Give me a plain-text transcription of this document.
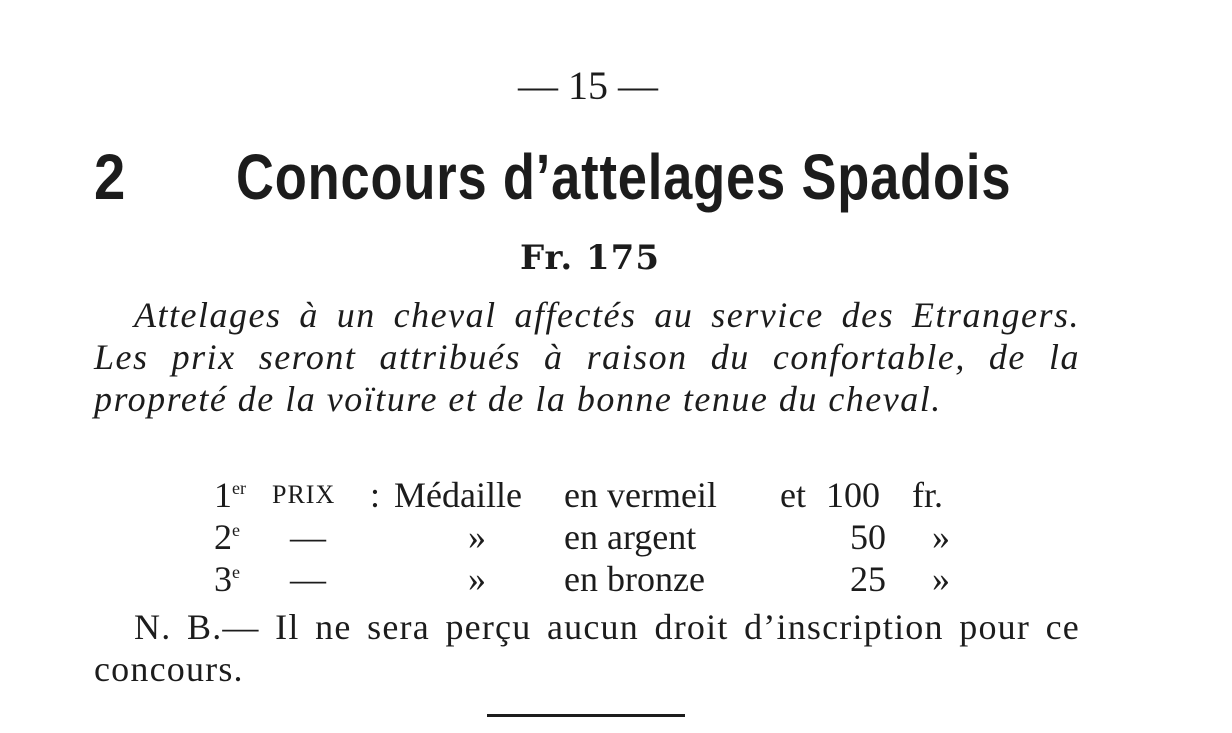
— 15 —
2 Concours d’attelages Spadois
Fr. 175
Attelages à un cheval affectés au service des Etrangers. Les prix seront attribués à raison du confortable, de la propreté de la voïture et de la bonne tenue du cheval.
1er PRIX : Médaille en vermeil et 100 fr.
2e —	» en argent	50 »
3e —	» en bronze	25 »
N. B.— Il ne sera perçu aucun droit d’inscription pour ce concours.
